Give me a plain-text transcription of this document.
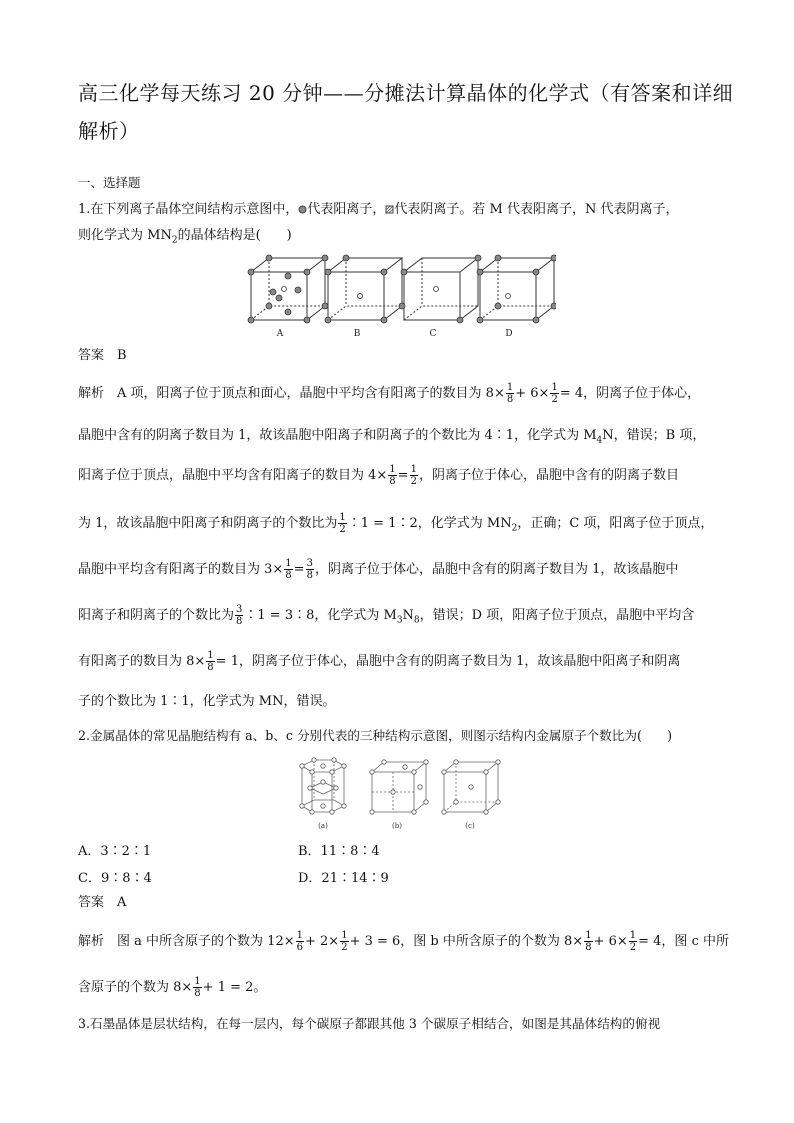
高三化学每天练习 20 分钟——分摊法计算晶体的化学式（有答案和详细解析）
一、选择题
1.在下列离子晶体空间结构示意图中， 代表阳离子， 代表阴离子。若 M 代表阳离子，N 代表阴离子，
则化学式为 $MN_2$的晶体结构是(　　)
A	B	C	D
答案　 B
解析　 A 项，阳离子位于顶点和面心，晶胞中平均含有阳离子的数目为 $8\times \frac{1}{8} + 6\times \frac{1}{2} = 4$，阴离子位于体心，
晶胞中含有的阴离子数目为 1，故该晶胞中阳离子和阴离子的个数比为 4∶1，化学式为 $M_4N$，错误；B 项，
阳离子位于顶点，晶胞中平均含有阳离子的数目为 $4\times \frac{1}{8} = \frac{1}{2}$ ，阴离子位于体心，晶胞中含有的阴离子数目
为 1，故该晶胞中阳离子和阴离子的个数比为 $\frac{1}{2}$ ∶1 = 1∶2，化学式为 $MN_2$，正确；C 项，阳离子位于顶点，
晶胞中平均含有阳离子的数目为 $3\times \frac{1}{8} = \frac{3}{8}$ ，阴离子位于体心，晶胞中含有的阴离子数目为 1，故该晶胞中
阳离子和阴离子的个数比为 $\frac{3}{8}$ ∶1 = 3∶8，化学式为 $M_3N_8$，错误；D 项，阳离子位于顶点，晶胞中平均含
有阳离子的数目为 $8\times \frac{1}{8} = 1$，阴离子位于体心，晶胞中含有的阴离子数目为 1，故该晶胞中阳离子和阴离
子的个数比为 1∶1，化学式为 MN，错误。
2.金属晶体的常见晶胞结构有 a、b、c 分别代表的三种结构示意图，则图示结构内金属原子个数比为(　　)
(a)	(b)	(c)
A．3∶2∶1	B．11∶8∶4
C．9∶8∶4	D．21∶14∶9
答案　 A
解析　 图 a 中所含原子的个数为 $12\times \frac{1}{6} + 2\times \frac{1}{2} + 3 = 6$，图 b 中所含原子的个数为 $8\times \frac{1}{8} + 6\times \frac{1}{2} = 4$，图 c 中所
含原子的个数为 $8\times \frac{1}{8} + 1 = 2$。
3.石墨晶体是层状结构，在每一层内，每个碳原子都跟其他 3 个碳原子相结合，如图是其晶体结构的俯视
